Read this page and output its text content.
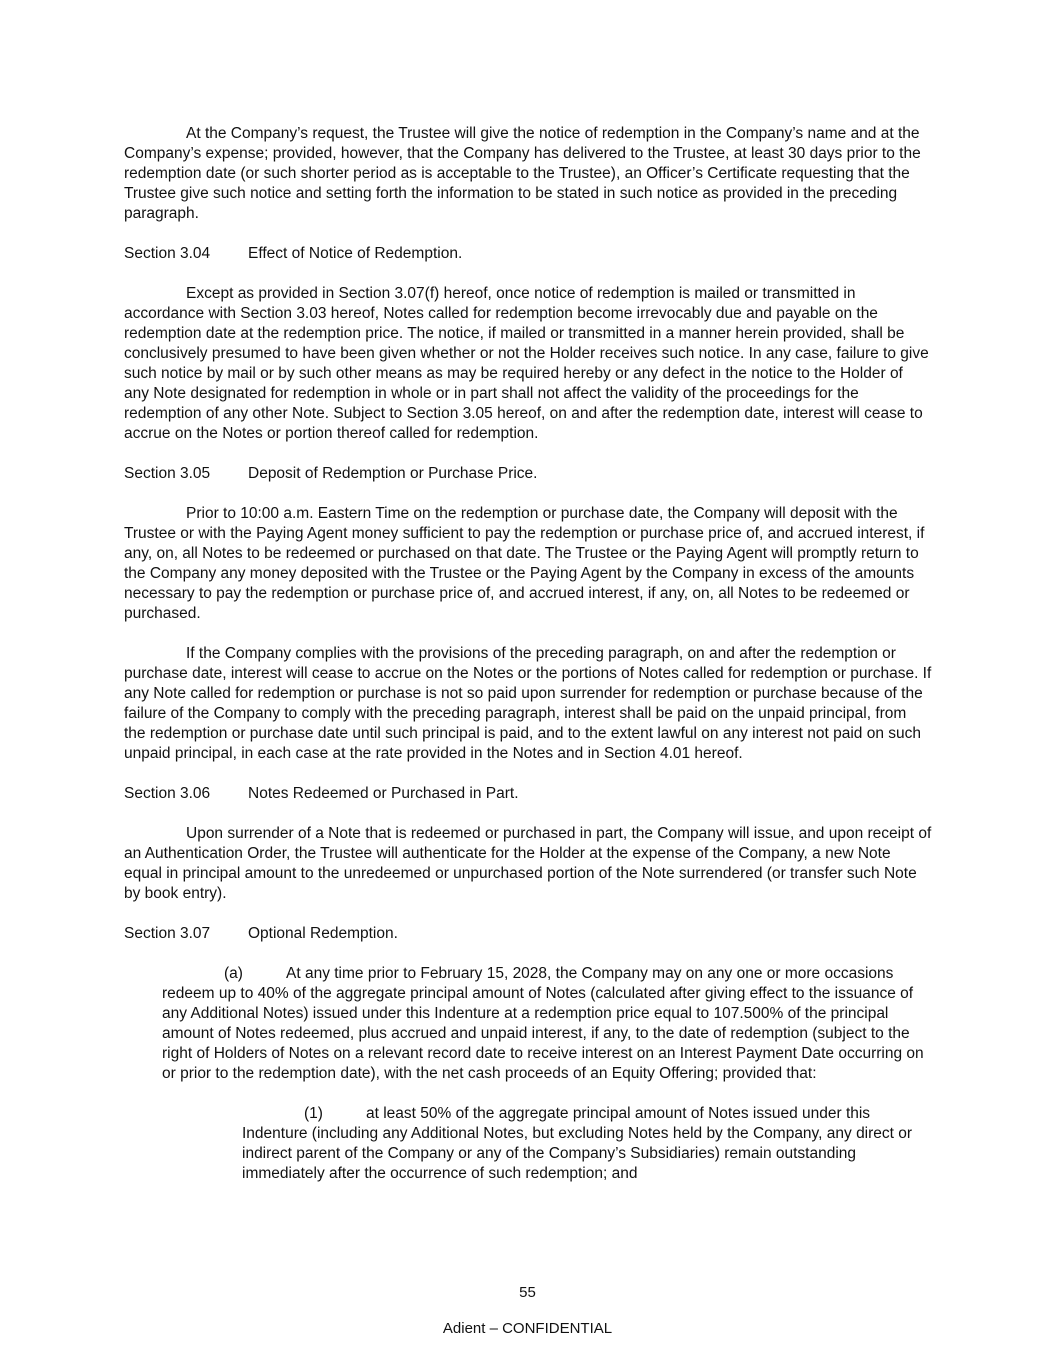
At the Company’s request, the Trustee will give the notice of redemption in the Company’s name and at the Company’s expense; provided, however, that the Company has delivered to the Trustee, at least 30 days prior to the redemption date (or such shorter period as is acceptable to the Trustee), an Officer’s Certificate requesting that the Trustee give such notice and setting forth the information to be stated in such notice as provided in the preceding paragraph.

Section 3.04	Effect of Notice of Redemption.

Except as provided in Section 3.07(f) hereof, once notice of redemption is mailed or transmitted in accordance with Section 3.03 hereof, Notes called for redemption become irrevocably due and payable on the redemption date at the redemption price. The notice, if mailed or transmitted in a manner herein provided, shall be conclusively presumed to have been given whether or not the Holder receives such notice. In any case, failure to give such notice by mail or by such other means as may be required hereby or any defect in the notice to the Holder of any Note designated for redemption in whole or in part shall not affect the validity of the proceedings for the redemption of any other Note. Subject to Section 3.05 hereof, on and after the redemption date, interest will cease to accrue on the Notes or portion thereof called for redemption.

Section 3.05	Deposit of Redemption or Purchase Price.

Prior to 10:00 a.m. Eastern Time on the redemption or purchase date, the Company will deposit with the Trustee or with the Paying Agent money sufficient to pay the redemption or purchase price of, and accrued interest, if any, on, all Notes to be redeemed or purchased on that date. The Trustee or the Paying Agent will promptly return to the Company any money deposited with the Trustee or the Paying Agent by the Company in excess of the amounts necessary to pay the redemption or purchase price of, and accrued interest, if any, on, all Notes to be redeemed or purchased.

If the Company complies with the provisions of the preceding paragraph, on and after the redemption or purchase date, interest will cease to accrue on the Notes or the portions of Notes called for redemption or purchase. If any Note called for redemption or purchase is not so paid upon surrender for redemption or purchase because of the failure of the Company to comply with the preceding paragraph, interest shall be paid on the unpaid principal, from the redemption or purchase date until such principal is paid, and to the extent lawful on any interest not paid on such unpaid principal, in each case at the rate provided in the Notes and in Section 4.01 hereof.

Section 3.06	Notes Redeemed or Purchased in Part.

Upon surrender of a Note that is redeemed or purchased in part, the Company will issue, and upon receipt of an Authentication Order, the Trustee will authenticate for the Holder at the expense of the Company, a new Note equal in principal amount to the unredeemed or unpurchased portion of the Note surrendered (or transfer such Note by book entry).

Section 3.07	Optional Redemption.

(a)	At any time prior to February 15, 2028, the Company may on any one or more occasions redeem up to 40% of the aggregate principal amount of Notes (calculated after giving effect to the issuance of any Additional Notes) issued under this Indenture at a redemption price equal to 107.500% of the principal amount of Notes redeemed, plus accrued and unpaid interest, if any, to the date of redemption (subject to the right of Holders of Notes on a relevant record date to receive interest on an Interest Payment Date occurring on or prior to the redemption date), with the net cash proceeds of an Equity Offering; provided that:

(1)	at least 50% of the aggregate principal amount of Notes issued under this Indenture (including any Additional Notes, but excluding Notes held by the Company, any direct or indirect parent of the Company or any of the Company’s Subsidiaries) remain outstanding immediately after the occurrence of such redemption; and

55
Adient – CONFIDENTIAL
